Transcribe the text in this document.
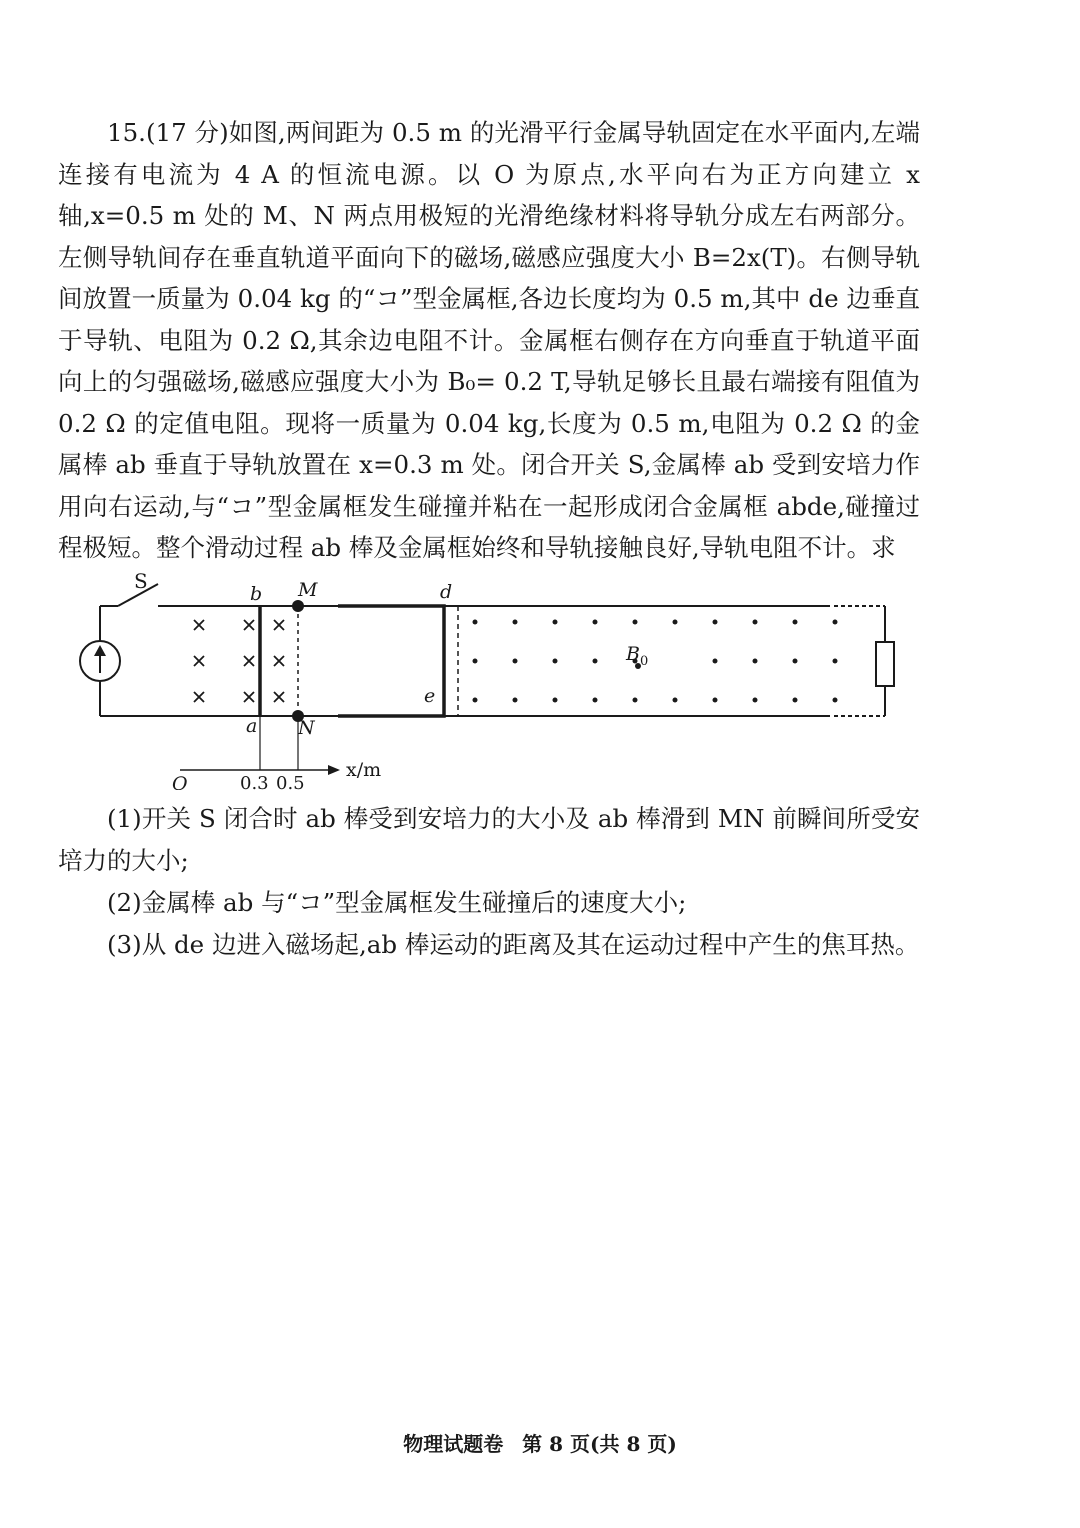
15.(17 分)如图,两间距为 0.5 m 的光滑平行金属导轨固定在水平面内,左端连接有电流为 4 A 的恒流电源。以 O 为原点,水平向右为正方向建立 x 轴,x=0.5 m 处的 M、N 两点用极短的光滑绝缘材料将导轨分成左右两部分。左侧导轨间存在垂直轨道平面向下的磁场,磁感应强度大小 B=2x(T)。右侧导轨间放置一质量为 0.04 kg 的“コ”型金属框,各边长度均为 0.5 m,其中 de 边垂直于导轨、电阻为 0.2 Ω,其余边电阻不计。金属框右侧存在方向垂直于轨道平面向上的匀强磁场,磁感应强度大小为 B₀= 0.2 T,导轨足够长且最右端接有阻值为 0.2 Ω 的定值电阻。现将一质量为 0.04 kg,长度为 0.5 m,电阻为 0.2 Ω 的金属棒 ab 垂直于导轨放置在 x=0.3 m 处。闭合开关 S,金属棒 ab 受到安培力作用向右运动,与“コ”型金属框发生碰撞并粘在一起形成闭合金属框 abde,碰撞过程极短。整个滑动过程 ab 棒及金属框始终和导轨接触良好,导轨电阻不计。求

S
b M	d
a N
e
$B_0$
O	0.3 0.5
x/m

(1)开关 S 闭合时 ab 棒受到安培力的大小及 ab 棒滑到 MN 前瞬间所受安培力的大小;

(2)金属棒 ab 与“コ”型金属框发生碰撞后的速度大小;

(3)从 de 边进入磁场起,ab 棒运动的距离及其在运动过程中产生的焦耳热。

物理试题卷 第 8 页(共 8 页)
